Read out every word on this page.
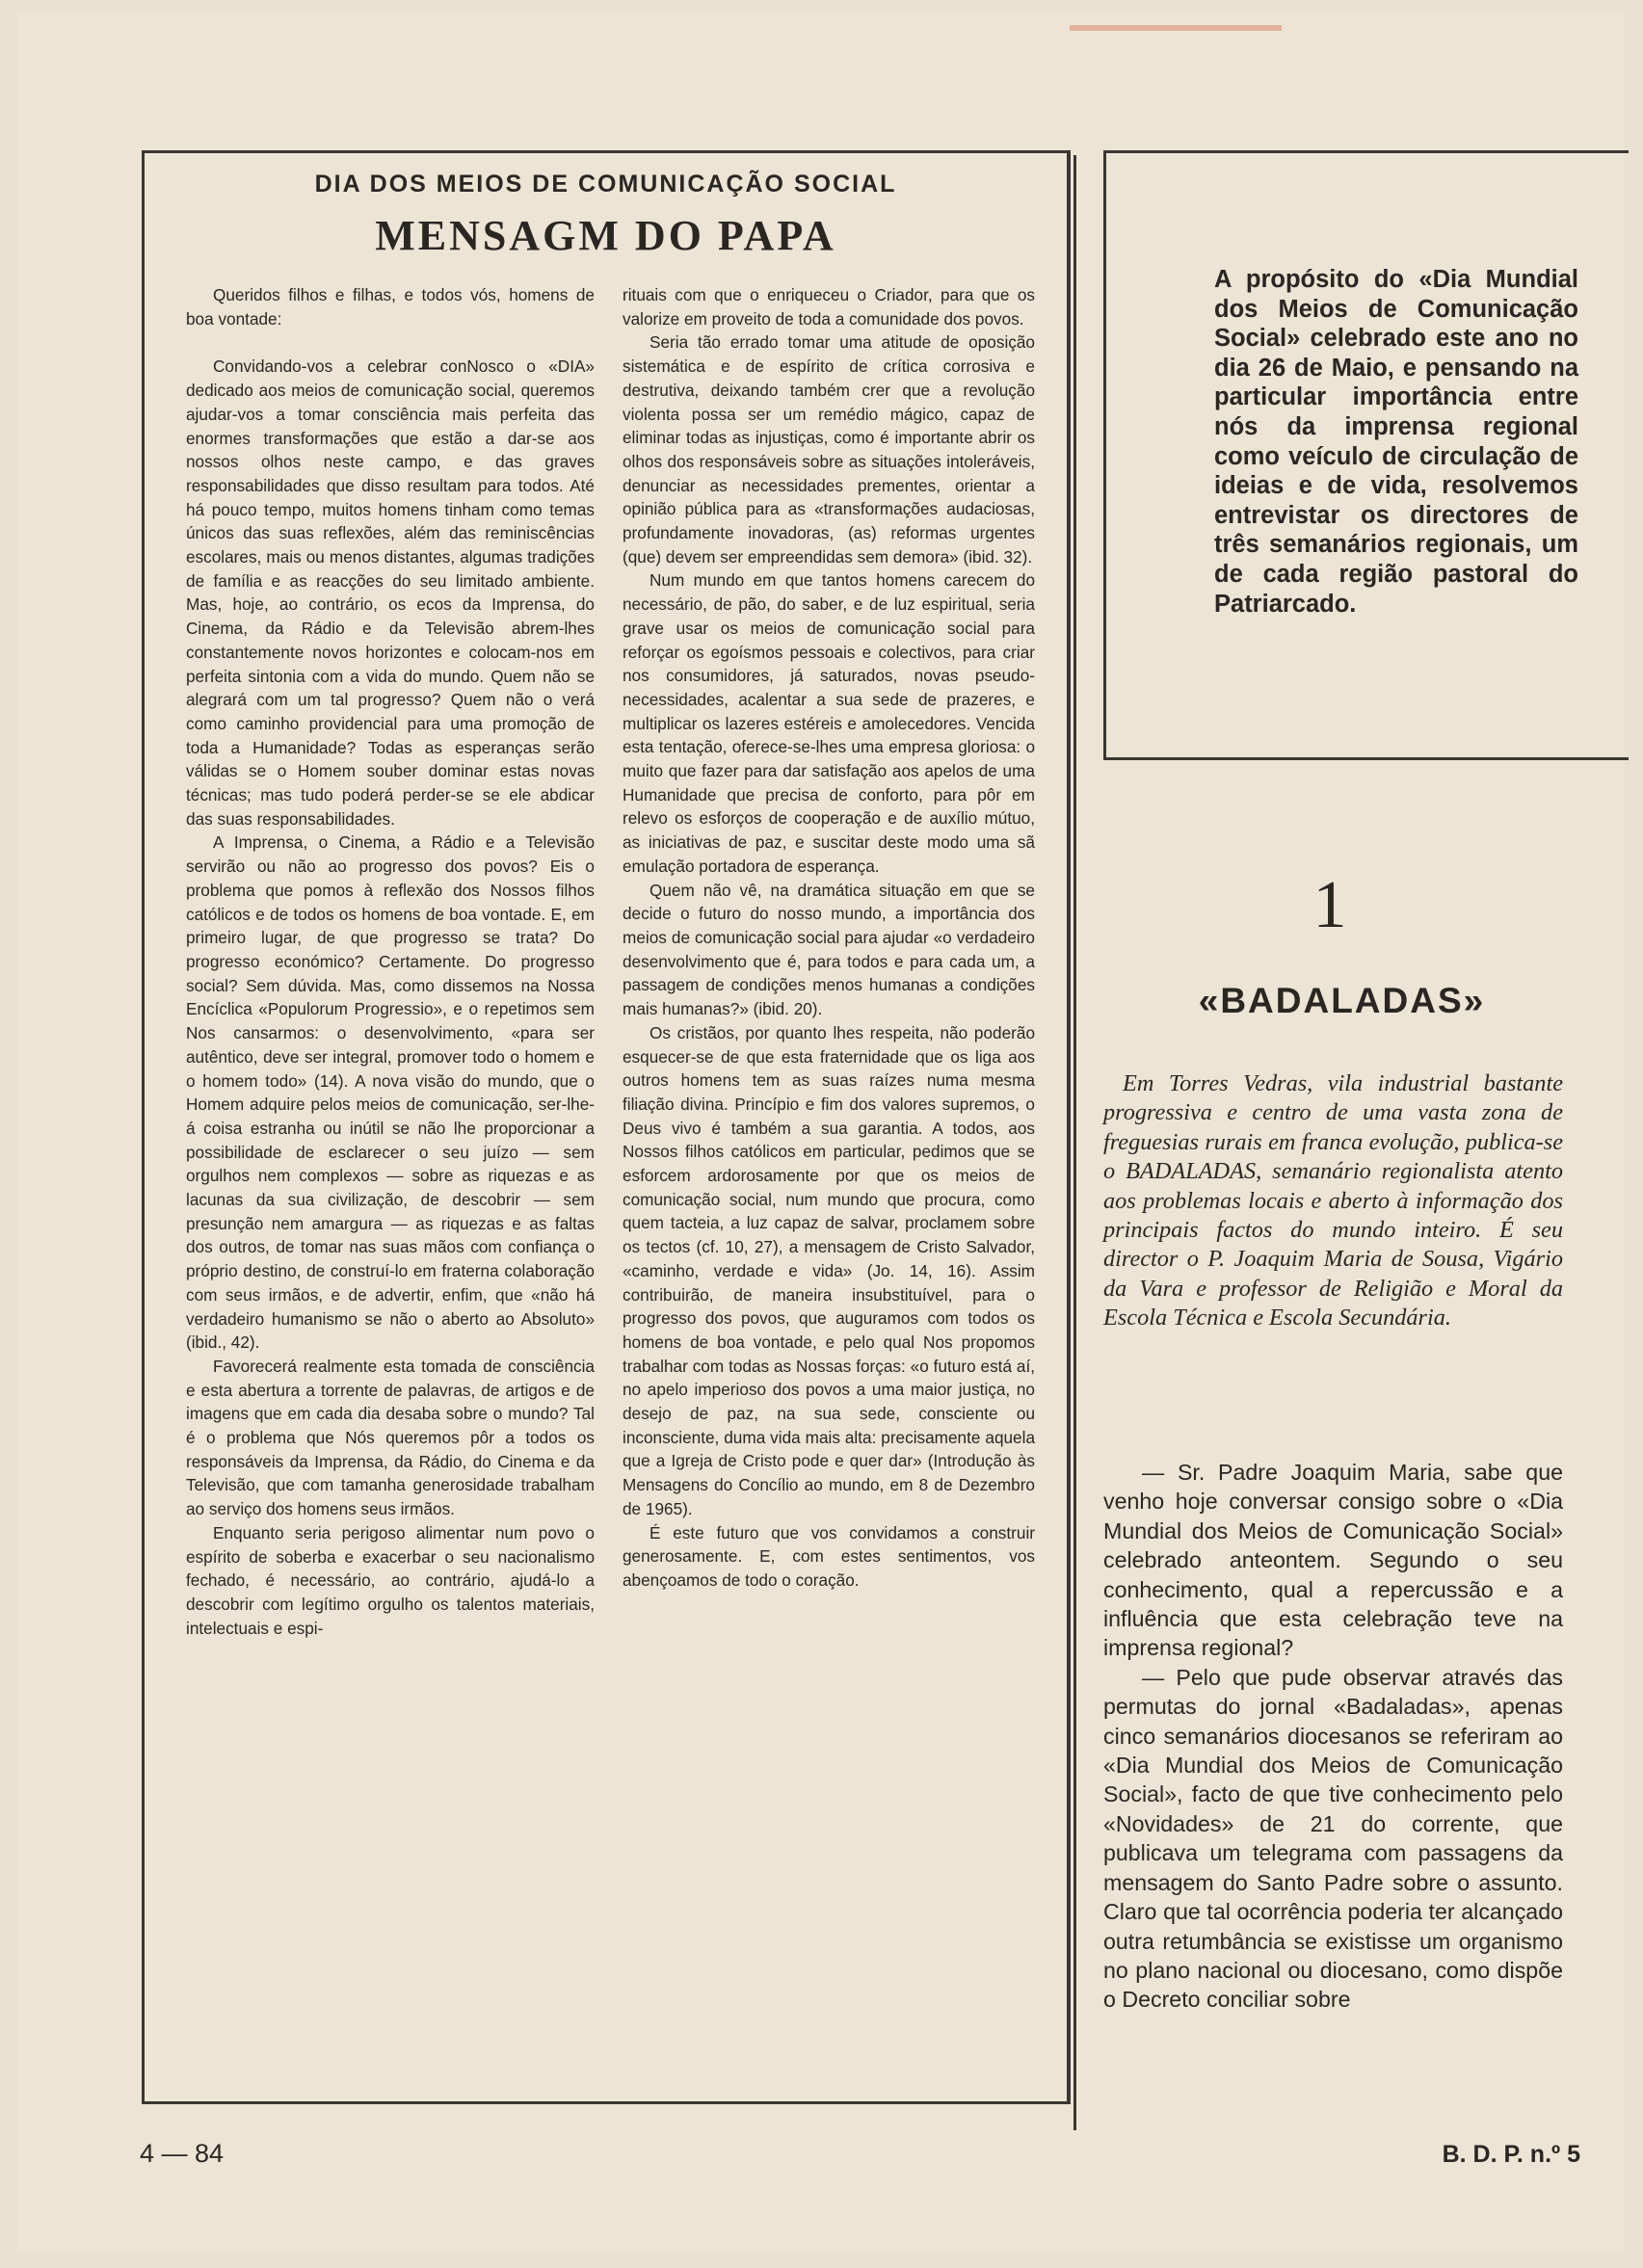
DIA DOS MEIOS DE COMUNICAÇÃO SOCIAL
MENSAGM DO PAPA

Queridos filhos e filhas, e todos vós, homens de boa vontade:

Convidando-vos a celebrar conNosco o «DIA» dedicado aos meios de comunicação social, queremos ajudar-vos a tomar consciência mais perfeita das enormes transformações que estão a dar-se aos nossos olhos neste campo, e das graves responsabilidades que disso resultam para todos. Até há pouco tempo, muitos homens tinham como temas únicos das suas reflexões, além das reminiscências escolares, mais ou menos distantes, algumas tradições de família e as reacções do seu limitado ambiente. Mas, hoje, ao contrário, os ecos da Imprensa, do Cinema, da Rádio e da Televisão abrem-lhes constantemente novos horizontes e colocam-nos em perfeita sintonia com a vida do mundo. Quem não se alegrará com um tal progresso? Quem não o verá como caminho providencial para uma promoção de toda a Humanidade? Todas as esperanças serão válidas se o Homem souber dominar estas novas técnicas; mas tudo poderá perder-se se ele abdicar das suas responsabilidades.

A Imprensa, o Cinema, a Rádio e a Televisão servirão ou não ao progresso dos povos? Eis o problema que pomos à reflexão dos Nossos filhos católicos e de todos os homens de boa vontade. E, em primeiro lugar, de que progresso se trata? Do progresso económico? Certamente. Do progresso social? Sem dúvida. Mas, como dissemos na Nossa Encíclica «Populorum Progressio», e o repetimos sem Nos cansarmos: o desenvolvimento, «para ser autêntico, deve ser integral, promover todo o homem e o homem todo» (14). A nova visão do mundo, que o Homem adquire pelos meios de comunicação, ser-lhe-á coisa estranha ou inútil se não lhe proporcionar a possibilidade de esclarecer o seu juízo — sem orgulhos nem complexos — sobre as riquezas e as lacunas da sua civilização, de descobrir — sem presunção nem amargura — as riquezas e as faltas dos outros, de tomar nas suas mãos com confiança o próprio destino, de construí-lo em fraterna colaboração com seus irmãos, e de advertir, enfim, que «não há verdadeiro humanismo se não o aberto ao Absoluto» (ibid., 42).

Favorecerá realmente esta tomada de consciência e esta abertura a torrente de palavras, de artigos e de imagens que em cada dia desaba sobre o mundo? Tal é o problema que Nós queremos pôr a todos os responsáveis da Imprensa, da Rádio, do Cinema e da Televisão, que com tamanha generosidade trabalham ao serviço dos homens seus irmãos.

Enquanto seria perigoso alimentar num povo o espírito de soberba e exacerbar o seu nacionalismo fechado, é necessário, ao contrário, ajudá-lo a descobrir com legítimo orgulho os talentos materiais, intelectuais e espi-

rituais com que o enriqueceu o Criador, para que os valorize em proveito de toda a comunidade dos povos.

Seria tão errado tomar uma atitude de oposição sistemática e de espírito de crítica corrosiva e destrutiva, deixando também crer que a revolução violenta possa ser um remédio mágico, capaz de eliminar todas as injustiças, como é importante abrir os olhos dos responsáveis sobre as situações intoleráveis, denunciar as necessidades prementes, orientar a opinião pública para as «transformações audaciosas, profundamente inovadoras, (as) reformas urgentes (que) devem ser empreendidas sem demora» (ibid. 32).

Num mundo em que tantos homens carecem do necessário, de pão, do saber, e de luz espiritual, seria grave usar os meios de comunicação social para reforçar os egoísmos pessoais e colectivos, para criar nos consumidores, já saturados, novas pseudo-necessidades, acalentar a sua sede de prazeres, e multiplicar os lazeres estéreis e amolecedores. Vencida esta tentação, oferece-se-lhes uma empresa gloriosa: o muito que fazer para dar satisfação aos apelos de uma Humanidade que precisa de conforto, para pôr em relevo os esforços de cooperação e de auxílio mútuo, as iniciativas de paz, e suscitar deste modo uma sã emulação portadora de esperança.

Quem não vê, na dramática situação em que se decide o futuro do nosso mundo, a importância dos meios de comunicação social para ajudar «o verdadeiro desenvolvimento que é, para todos e para cada um, a passagem de condições menos humanas a condições mais humanas?» (ibid. 20).

Os cristãos, por quanto lhes respeita, não poderão esquecer-se de que esta fraternidade que os liga aos outros homens tem as suas raízes numa mesma filiação divina. Princípio e fim dos valores supremos, o Deus vivo é também a sua garantia. A todos, aos Nossos filhos católicos em particular, pedimos que se esforcem ardorosamente por que os meios de comunicação social, num mundo que procura, como quem tacteia, a luz capaz de salvar, proclamem sobre os tectos (cf. 10, 27), a mensagem de Cristo Salvador, «caminho, verdade e vida» (Jo. 14, 16). Assim contribuirão, de maneira insubstituível, para o progresso dos povos, que auguramos com todos os homens de boa vontade, e pelo qual Nos propomos trabalhar com todas as Nossas forças: «o futuro está aí, no apelo imperioso dos povos a uma maior justiça, no desejo de paz, na sua sede, consciente ou inconsciente, duma vida mais alta: precisamente aquela que a Igreja de Cristo pode e quer dar» (Introdução às Mensagens do Concílio ao mundo, em 8 de Dezembro de 1965).

É este futuro que vos convidamos a construir generosamente. E, com estes sentimentos, vos abençoamos de todo o coração.

A propósito do «Dia Mundial dos Meios de Comunicação Social» celebrado este ano no dia 26 de Maio, e pensando na particular importância entre nós da imprensa regional como veículo de circulação de ideias e de vida, resolvemos entrevistar os directores de três semanários regionais, um de cada região pastoral do Patriarcado.
1
«BADALADAS»

Em Torres Vedras, vila industrial bastante progressiva e centro de uma vasta zona de freguesias rurais em franca evolução, publica-se o BADALADAS, semanário regionalista atento aos problemas locais e aberto à informação dos principais factos do mundo inteiro. É seu director o P. Joaquim Maria de Sousa, Vigário da Vara e professor de Religião e Moral da Escola Técnica e Escola Secundária.

— Sr. Padre Joaquim Maria, sabe que venho hoje conversar consigo sobre o «Dia Mundial dos Meios de Comunicação Social» celebrado anteontem. Segundo o seu conhecimento, qual a repercussão e a influência que esta celebração teve na imprensa regional?

— Pelo que pude observar através das permutas do jornal «Badaladas», apenas cinco semanários diocesanos se referiram ao «Dia Mundial dos Meios de Comunicação Social», facto de que tive conhecimento pelo «Novidades» de 21 do corrente, que publicava um telegrama com passagens da mensagem do Santo Padre sobre o assunto. Claro que tal ocorrência poderia ter alcançado outra retumbância se existisse um organismo no plano nacional ou diocesano, como dispõe o Decreto conciliar sobre

4 — 84	B. D. P. n.º 5
